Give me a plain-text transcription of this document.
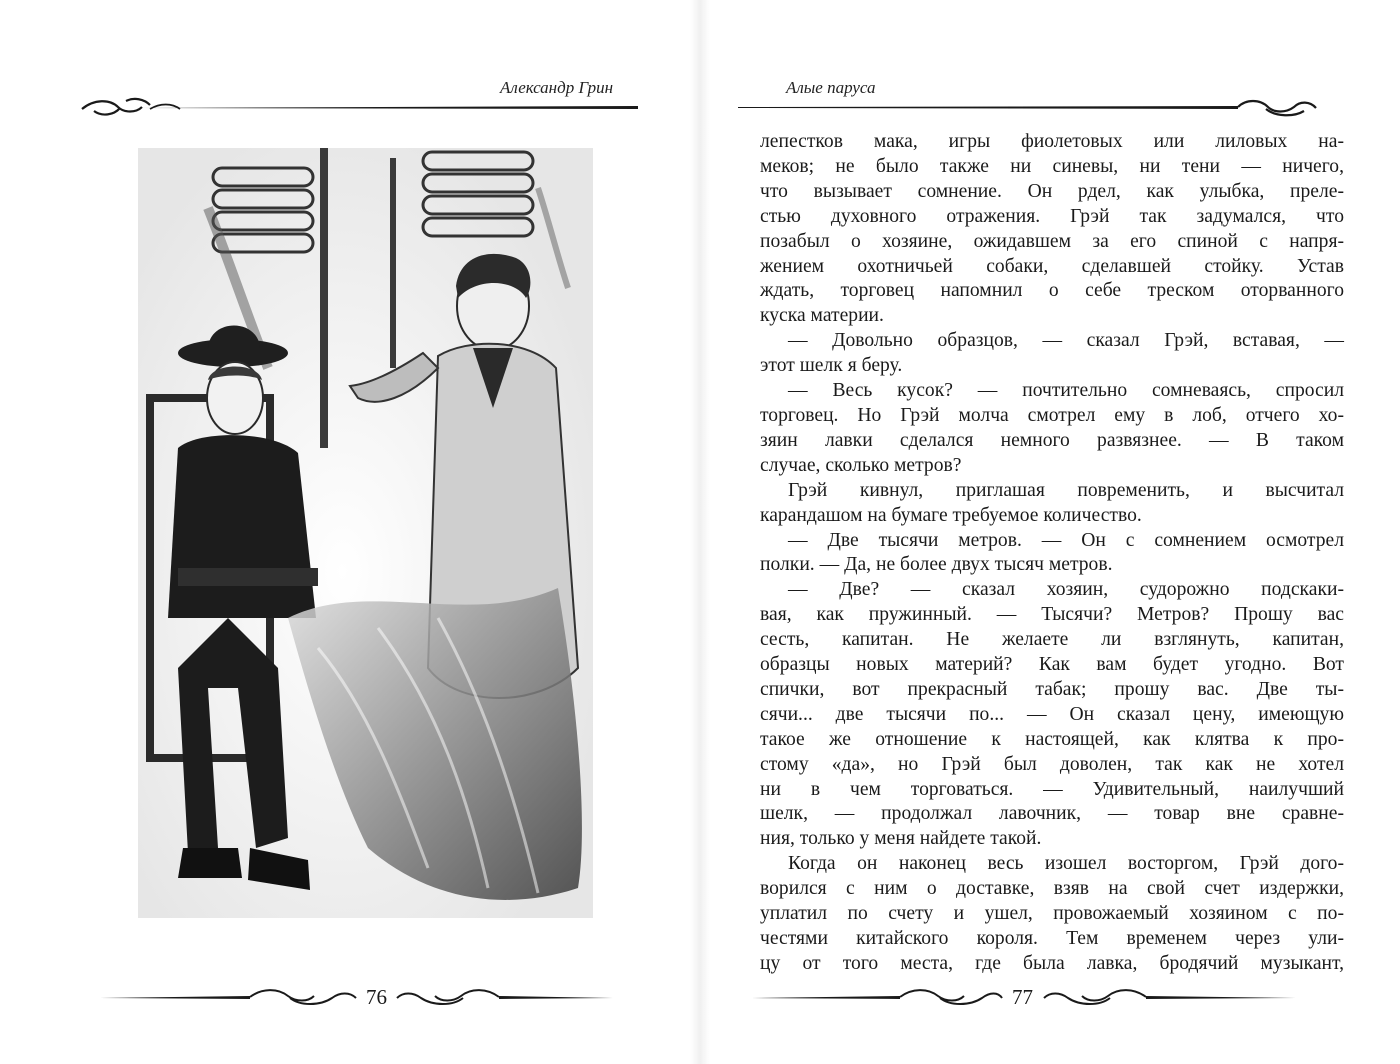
Александр Грин
76
Алые паруса
лепестков мака, игры фиолетовых или лиловых на-
меков; не было также ни синевы, ни тени — ничего,
что вызывает сомнение. Он рдел, как улыбка, преле-
стью духовного отражения. Грэй так задумался, что
позабыл о хозяине, ожидавшем за его спиной с напря-
жением охотничьей собаки, сделавшей стойку. Устав
ждать, торговец напомнил о себе треском оторванного
куска материи.
— Довольно образцов, — сказал Грэй, вставая, —
этот шелк я беру.
— Весь кусок? — почтительно сомневаясь, спросил
торговец. Но Грэй молча смотрел ему в лоб, отчего хо-
зяин лавки сделался немного развязнее. — В таком
случае, сколько метров?
Грэй кивнул, приглашая повременить, и высчитал
карандашом на бумаге требуемое количество.
— Две тысячи метров. — Он с сомнением осмотрел
полки. — Да, не более двух тысяч метров.
— Две? — сказал хозяин, судорожно подскаки-
вая, как пружинный. — Тысячи? Метров? Прошу вас
сесть, капитан. Не желаете ли взглянуть, капитан,
образцы новых материй? Как вам будет угодно. Вот
спички, вот прекрасный табак; прошу вас. Две ты-
сячи... две тысячи по... — Он сказал цену, имеющую
такое же отношение к настоящей, как клятва к про-
стому «да», но Грэй был доволен, так как не хотел
ни в чем торговаться. — Удивительный, наилучший
шелк, — продолжал лавочник, — товар вне сравне-
ния, только у меня найдете такой.
Когда он наконец весь изошел восторгом, Грэй дого-
ворился с ним о доставке, взяв на свой счет издержки,
уплатил по счету и ушел, провожаемый хозяином с по-
честями китайского короля. Тем временем через ули-
цу от того места, где была лавка, бродячий музыкант,
77
